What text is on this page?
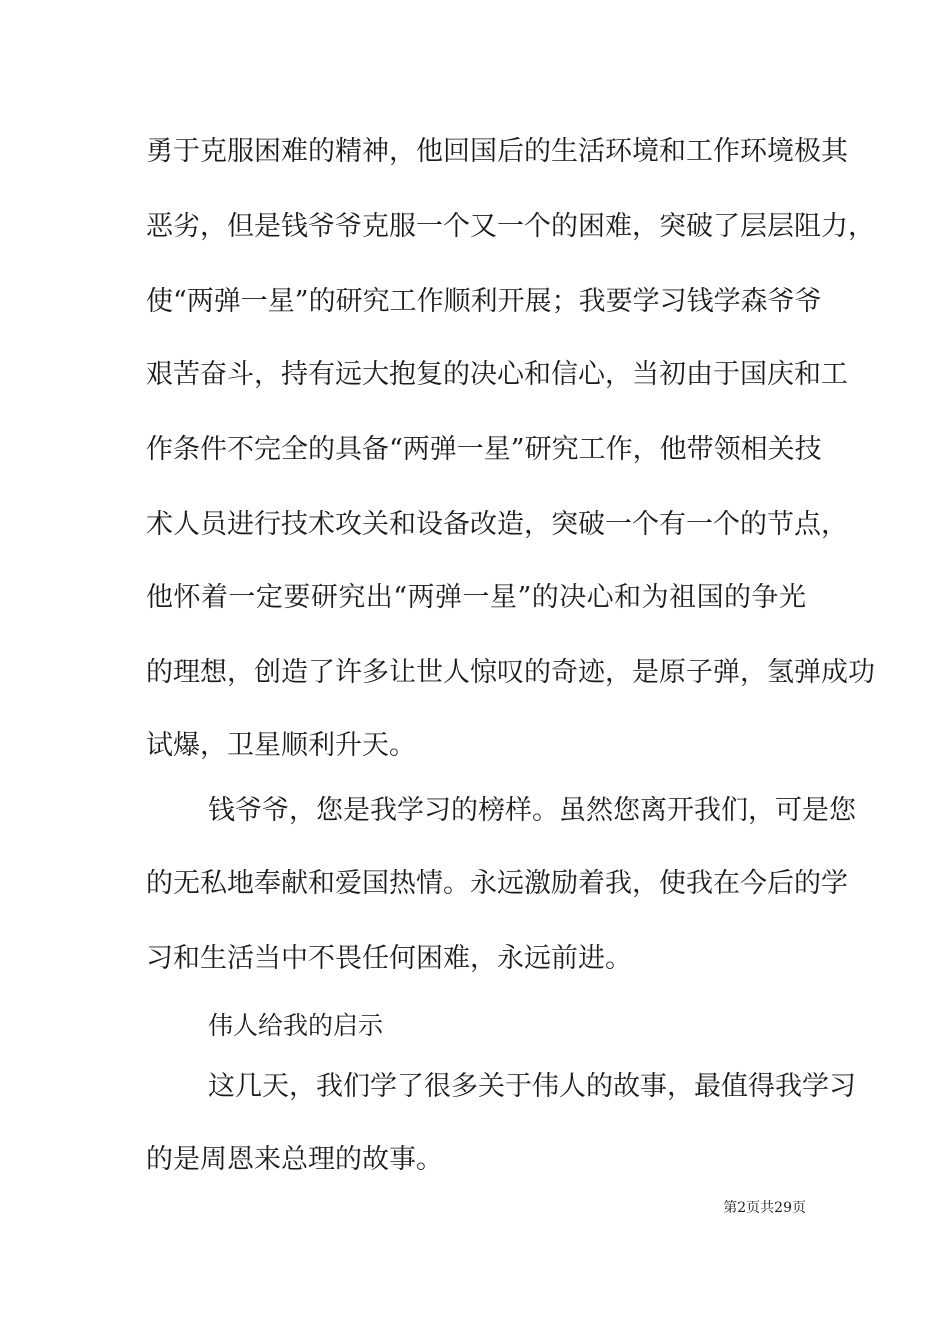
勇于克服困难的精神，他回国后的生活环境和工作环境极其
恶劣，但是钱爷爷克服一个又一个的困难，突破了层层阻力，
使“两弹一星”的研究工作顺利开展；我要学习钱学森爷爷
艰苦奋斗，持有远大抱复的决心和信心，当初由于国庆和工
作条件不完全的具备“两弹一星”研究工作，他带领相关技
术人员进行技术攻关和设备改造，突破一个有一个的节点，
他怀着一定要研究出“两弹一星”的决心和为祖国的争光
的理想，创造了许多让世人惊叹的奇迹，是原子弹，氢弹成功
试爆，卫星顺利升天。
钱爷爷，您是我学习的榜样。虽然您离开我们，可是您
的无私地奉献和爱国热情。永远激励着我，使我在今后的学
习和生活当中不畏任何困难，永远前进。
这几天，我们学了很多关于伟人的故事，最值得我学习
的是周恩来总理的故事。
伟人给我的启示
第2页共29页
